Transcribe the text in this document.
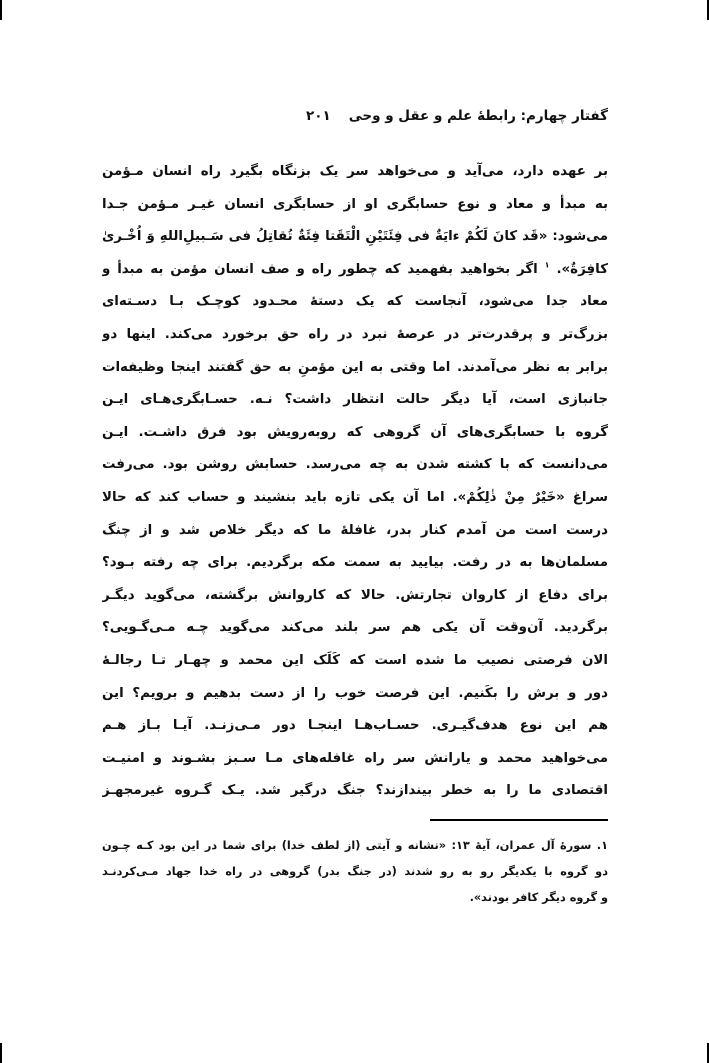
گفتار چهارم: رابطهٔ علم و عقل و وحی
۲۰۱
بر عهده دارد، می‌آید و می‌خواهد سر یک بزنگاه بگیرد راه انسان مـؤمن
به مبدأ و معاد و نوع حسابگری او از حسابگری انسان غیـر مـؤمن جـدا
می‌شود: «قَد کانَ لَکُمْ ءایَةٌ فی فِئَتَیْنِ الْتَقَتا فِئَةٌ تُقاتِلُ فی سَـبیلِ‌اللهِ وَ اُخْـریٰ
کافِرَةٌ». $^۱$ اگر بخواهید بفهمید که چطور راه و صف انسان مؤمن به مبدأ و
معاد جدا می‌شود، آنجاست که یک دستهٔ محـدود کوچـک بـا دسـته‌ای
بزرگ‌تر و پرقدرت‌تر در عرصهٔ نبرد در راه حق برخورد می‌کند. اینها دو
برابر به نظر می‌آمدند. اما وقتی به این مؤمنِ به حق گفتند اینجا وظیفه‌ات
جانبازی است، آیا دیگر حالت انتظار داشت؟ نـه. حسـابگری‌هـای ایـن
گروه با حسابگری‌های آن گروهی که روبه‌رویش بود فرق داشـت. ایـن
می‌دانست که با کشته شدن به چه می‌رسد. حسابش روشن بود. می‌رفت
سراغ «خَیْرٌ مِنْ ذٰلِکُمْ». اما آن یکی تازه باید بنشیند و حساب کند که حالا
درست است من آمدم کنار بدر، غافلهٔ ما که دیگر خلاص شد و از چنگ
مسلمان‌ها به در رفت. بیایید به سمت مکه برگردیم. برای چه رفته بـود؟
برای دفاع از کاروان تجارتش. حالا که کاروانش برگشته، می‌گوید دیگـر
برگردید. آن‌وقت آن یکی هم سر بلند می‌کند می‌گوید چـه مـی‌گـویی؟
الان فرصتی نصیب ما شده است که کَلَک این محمد و چهـار تـا رجالـهٔ
دور و برش را بکَنیم. این فرصت خوب را از دست بدهیم و برویم؟ این
هم این نوع هدف‌گیـری. حسـاب‌هـا اینجـا دور مـی‌زنـد. آیـا بـاز هـم
می‌خواهید محمد و یارانش سر راه غافله‌های مـا سـبز بشـوند و امنیـت
اقتصادی ما را به خطر بیندازند؟ جنگ درگیر شد. یـک گـروه غیرمجهـز
۱. سورهٔ آل عمران، آیهٔ ۱۳: «نشانه و آیتی (از لطف خدا) برای شما در این بود کـه چـون
دو گروه با یکدیگر رو به رو شدند (در جنگ بدر) گروهی در راه خدا جهاد مـی‌کردنـد
و گروه دیگر کافر بودند».
